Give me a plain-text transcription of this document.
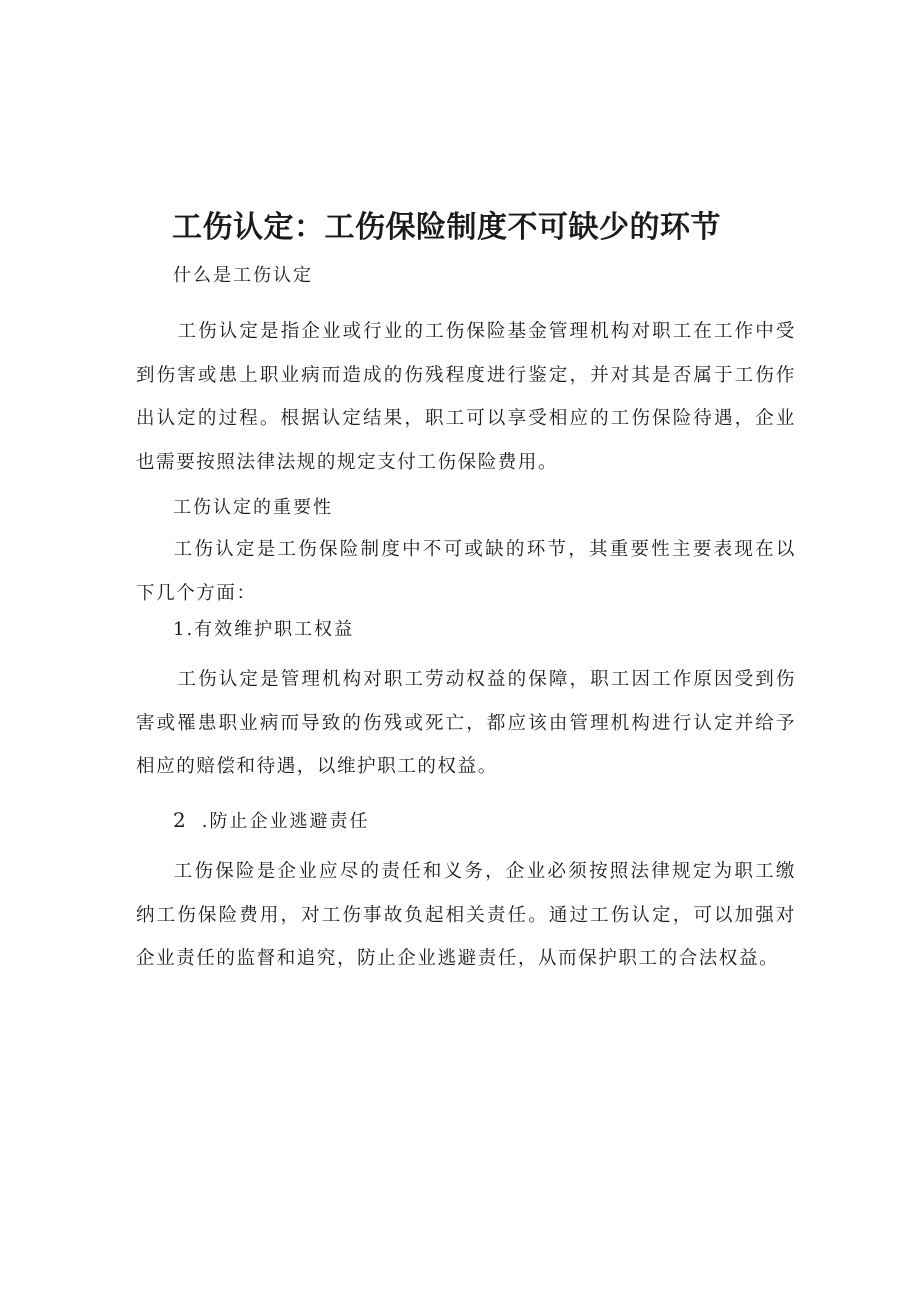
工伤认定：工伤保险制度不可缺少的环节

什么是工伤认定

工伤认定是指企业或行业的工伤保险基金管理机构对职工在工作中受到伤害或患上职业病而造成的伤残程度进行鉴定，并对其是否属于工伤作出认定的过程。根据认定结果，职工可以享受相应的工伤保险待遇，企业也需要按照法律法规的规定支付工伤保险费用。

工伤认定的重要性

工伤认定是工伤保险制度中不可或缺的环节，其重要性主要表现在以下几个方面：

1.有效维护职工权益

工伤认定是管理机构对职工劳动权益的保障，职工因工作原因受到伤害或罹患职业病而导致的伤残或死亡，都应该由管理机构进行认定并给予相应的赔偿和待遇，以维护职工的权益。

2 .防止企业逃避责任

工伤保险是企业应尽的责任和义务，企业必须按照法律规定为职工缴纳工伤保险费用，对工伤事故负起相关责任。通过工伤认定，可以加强对企业责任的监督和追究，防止企业逃避责任，从而保护职工的合法权益。
